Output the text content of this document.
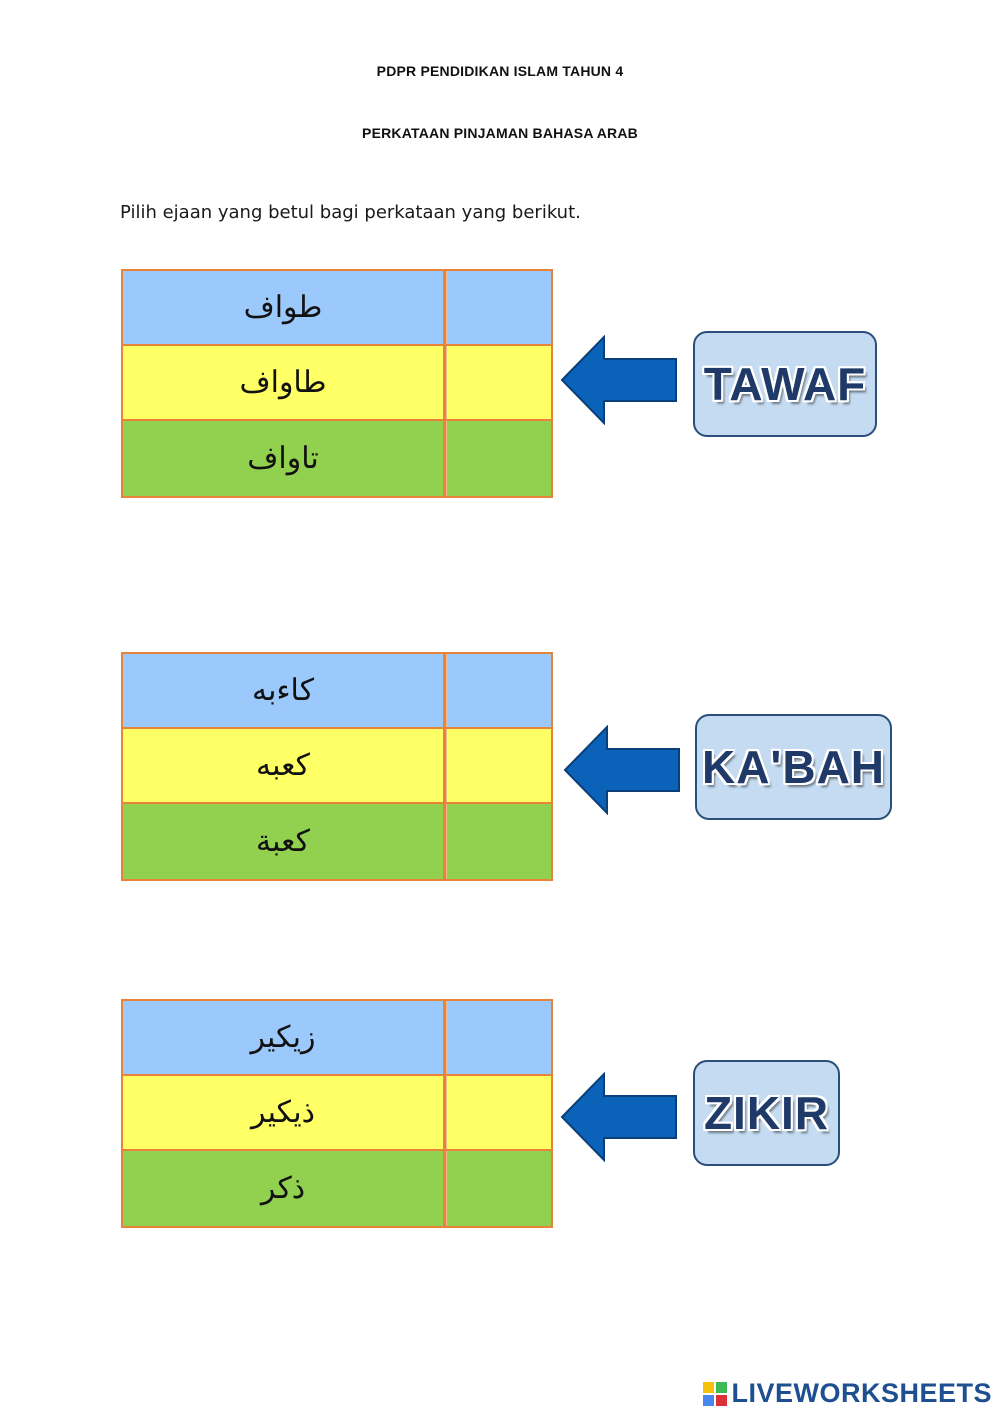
PDPR PENDIDIKAN ISLAM TAHUN 4
PERKATAAN PINJAMAN BAHASA ARAB
Pilih ejaan yang betul bagi perkataan yang berikut.
طواف
طاواف
تاواف
TAWAF
كاءبه
كعبه
كعبة
KA'BAH
زيكير
ذيكير
ذكر
ZIKIR
LIVEWORKSHEETS
